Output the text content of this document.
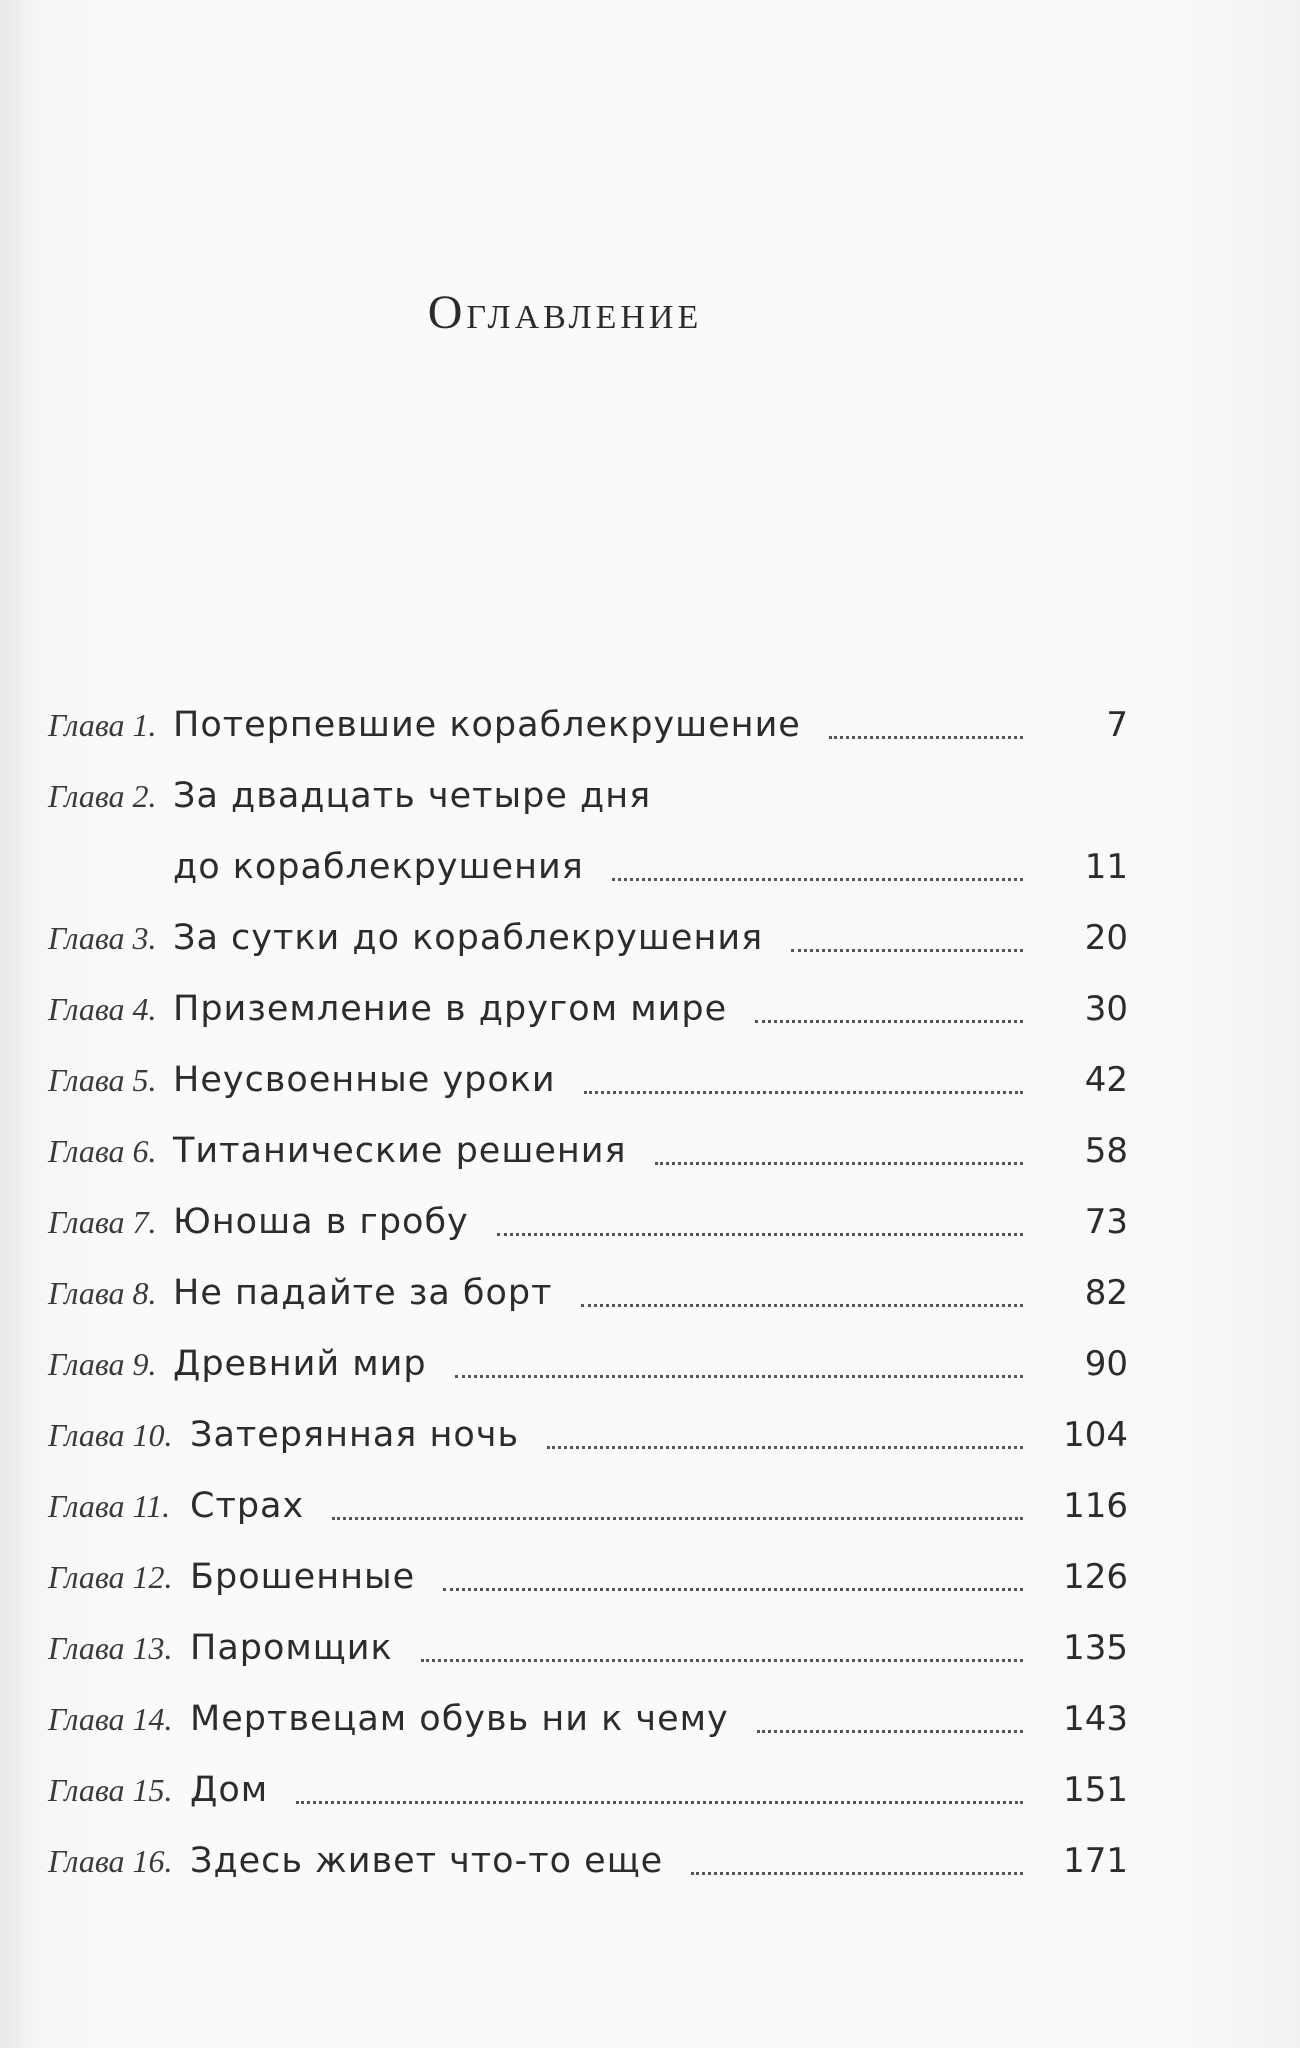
Оглавление
Глава 1. Потерпевшие кораблекрушение	7
Глава 2. За двадцать четыре дня
до кораблекрушения	11
Глава 3. За сутки до кораблекрушения	20
Глава 4. Приземление в другом мире	30
Глава 5. Неусвоенные уроки	42
Глава 6. Титанические решения	58
Глава 7. Юноша в гробу	73
Глава 8. Не падайте за борт	82
Глава 9. Древний мир	90
Глава 10. Затерянная ночь	104
Глава 11. Страх	116
Глава 12. Брошенные	126
Глава 13. Паромщик	135
Глава 14. Мертвецам обувь ни к чему	143
Глава 15. Дом	151
Глава 16. Здесь живет что-то еще	171
